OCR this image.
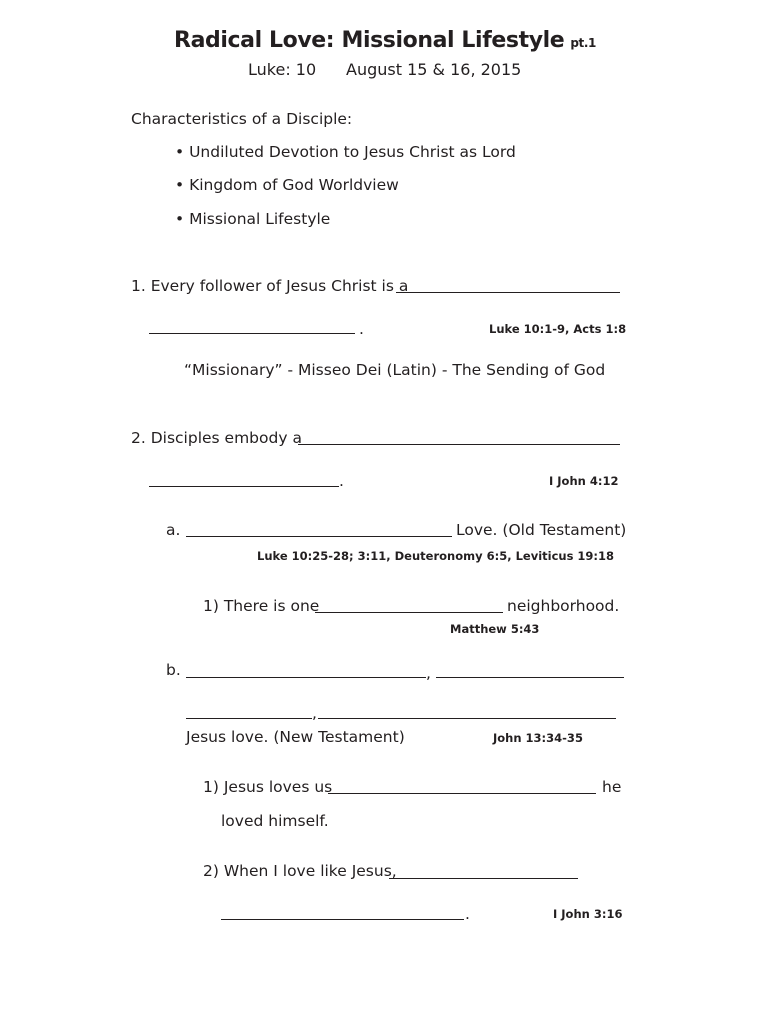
Radical Love: Missional Lifestyle pt.1
Luke: 10 August 15 & 16, 2015
Characteristics of a Disciple:
• Undiluted Devotion to Jesus Christ as Lord
• Kingdom of God Worldview
• Missional Lifestyle
1. Every follower of Jesus Christ is a
.	Luke 10:1-9, Acts 1:8
“Missionary” - Misseo Dei (Latin) - The Sending of God
2. Disciples embody a
.	I John 4:12
a.	Love. (Old Testament)
Luke 10:25-28; 3:11, Deuteronomy 6:5, Leviticus 19:18
1) There is one	neighborhood.
Matthew 5:43
b.	,
,
Jesus love. (New Testament)	John 13:34-35
1) Jesus loves us	he
loved himself.
2) When I love like Jesus,
.	I John 3:16
